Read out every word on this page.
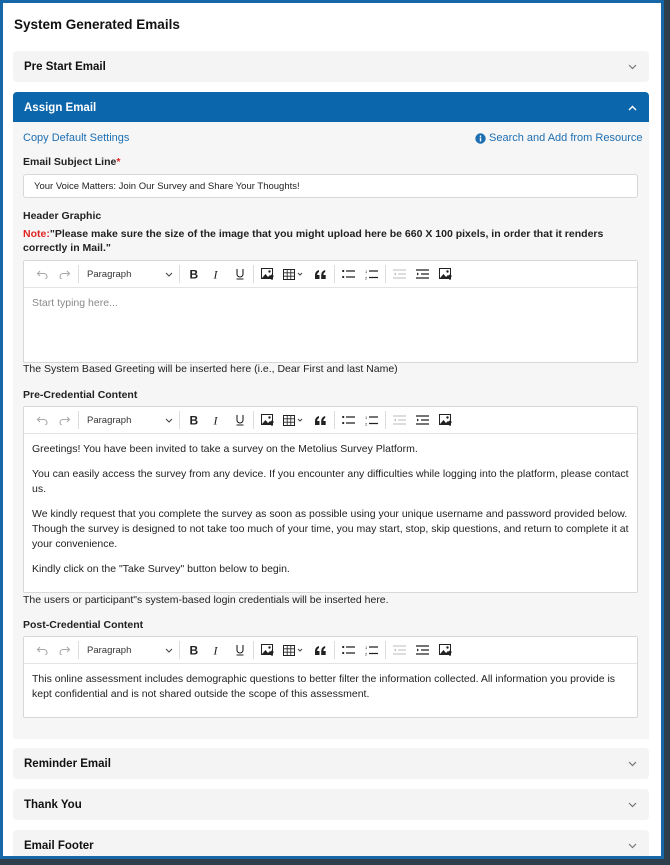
System Generated Emails
Pre Start Email
Assign Email
Copy Default Settings	Search and Add from Resource
Email Subject Line*
Your Voice Matters: Join Our Survey and Share Your Thoughts!
Header Graphic
Note:"Please make sure the size of the image that you might upload here be 660 X 100 pixels, in order that it renders correctly in Mail."
Paragraph	B I	1
2
Start typing here...
The System Based Greeting will be inserted here (i.e., Dear First and last Name)
Pre-Credential Content
Paragraph	B I	1
2

Greetings! You have been invited to take a survey on the Metolius Survey Platform.

You can easily access the survey from any device. If you encounter any difficulties while logging into the platform, please contact us.

We kindly request that you complete the survey as soon as possible using your unique username and password provided below. Though the survey is designed to not take too much of your time, you may start, stop, skip questions, and return to complete it at your convenience.

Kindly click on the "Take Survey" button below to begin.

The users or participant"s system-based login credentials will be inserted here.
Post-Credential Content
Paragraph	B I	1
2

This online assessment includes demographic questions to better filter the information collected. All information you provide is kept confidential and is not shared outside the scope of this assessment.

Reminder Email
Thank You
Email Footer
